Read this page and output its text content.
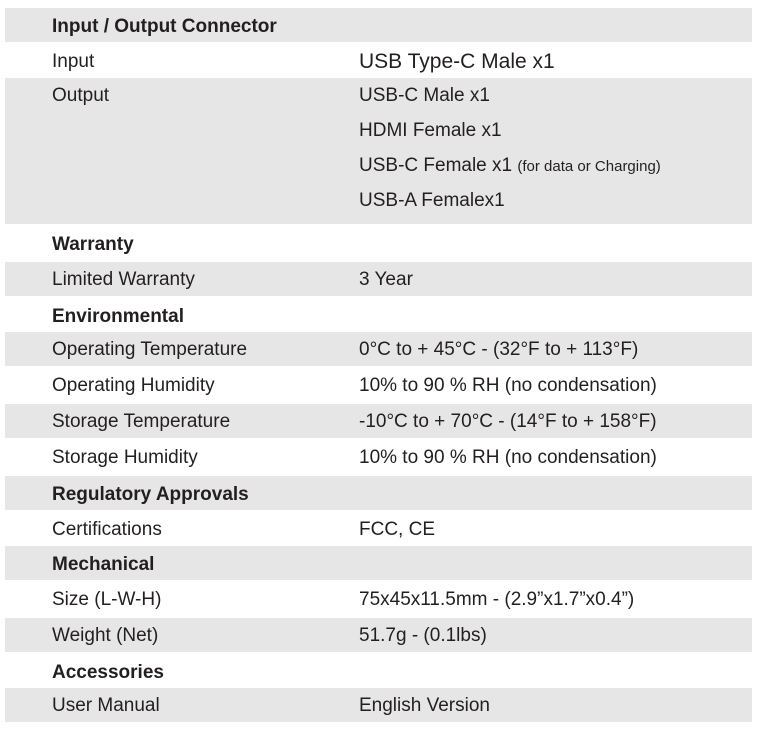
Input / Output Connector
Input	USB Type-C Male x1
Output	USB-C Male x1
HDMI Female x1
USB-C Female x1 (for data or Charging)
USB-A Femalex1
Warranty
Limited Warranty	3 Year
Environmental
Operating Temperature	0°C to + 45°C - (32°F to + 113°F)
Operating Humidity	10% to 90 % RH (no condensation)
Storage Temperature	-10°C to + 70°C - (14°F to + 158°F)
Storage Humidity	10% to 90 % RH (no condensation)
Regulatory Approvals
Certifications	FCC, CE
Mechanical
Size (L-W-H)	75x45x11.5mm - (2.9”x1.7”x0.4”)
Weight (Net)	51.7g - (0.1lbs)
Accessories
User Manual	English Version
